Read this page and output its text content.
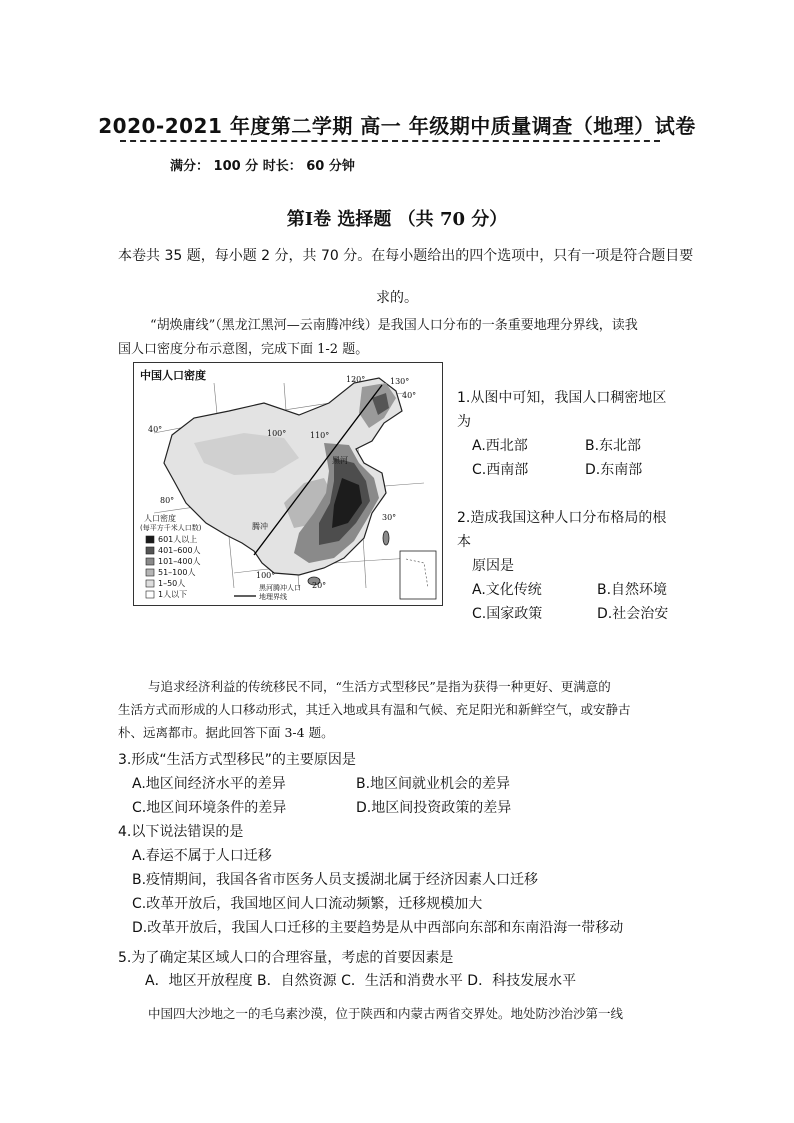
2020-2021 年度第二学期 高一 年级期中质量调查（地理）试卷
满分： 100 分 时长： 60 分钟
第Ⅰ卷 选择题 （共 70 分）
本卷共 35 题，每小题 2 分，共 70 分。在每小题给出的四个选项中，只有一项是符合题目要
求的。
“胡焕庸线”（黑龙江黑河—云南腾冲线）是我国人口分布的一条重要地理分界线，读我
国人口密度分布示意图，完成下面 1-2 题。
中国人口密度
人口密度
(每平方千米人口数)
601人以上
401–600人
101–400人
51–100人
1–50人
1人以下
黑河腾冲人口
地理界线
黑河
腾冲
120°	130°
100°	110°
80°
100°
40°
40°
30°
20°
1.从图中可知，我国人口稠密地区
为
A.西北部	B.东北部
C.西南部	D.东南部
2.造成我国这种人口分布格局的根
本
原因是
A.文化传统	B.自然环境
C.国家政策	D.社会治安
与追求经济利益的传统移民不同，“生活方式型移民”是指为获得一种更好、更满意的
生活方式而形成的人口移动形式，其迁入地或具有温和气候、充足阳光和新鲜空气，或安静古
朴、远离都市。据此回答下面 3-4 题。
3.形成“生活方式型移民”的主要原因是
A.地区间经济水平的差异	B.地区间就业机会的差异
C.地区间环境条件的差异	D.地区间投资政策的差异
4.以下说法错误的是
A.春运不属于人口迁移
B.疫情期间，我国各省市医务人员支援湖北属于经济因素人口迁移
C.改革开放后，我国地区间人口流动频繁，迁移规模加大
D.改革开放后，我国人口迁移的主要趋势是从中西部向东部和东南沿海一带移动
5.为了确定某区域人口的合理容量，考虑的首要因素是
A．地区开放程度 B．自然资源 C．生活和消费水平 D．科技发展水平
中国四大沙地之一的毛乌素沙漠，位于陕西和内蒙古两省交界处。地处防沙治沙第一线
